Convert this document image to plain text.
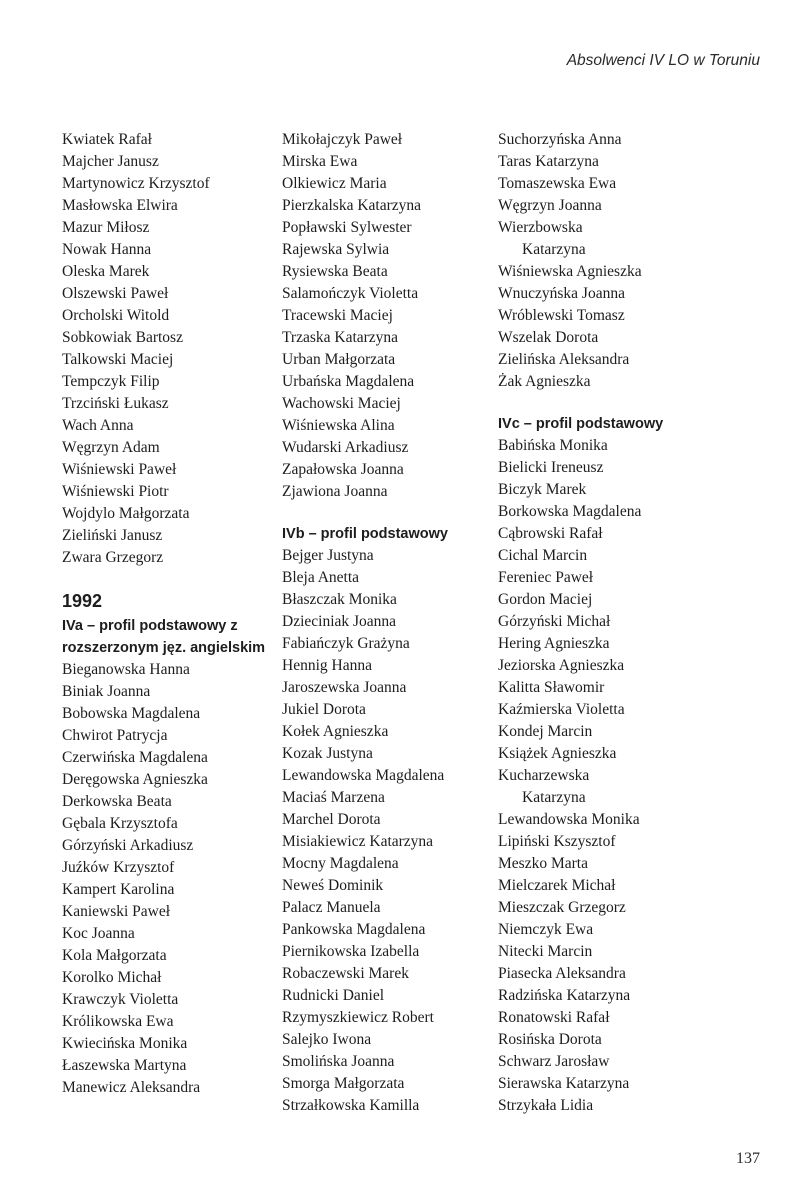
Absolwenci IV LO w Toruniu
Kwiatek Rafał
Majcher Janusz
Martynowicz Krzysztof
Masłowska Elwira
Mazur Miłosz
Nowak Hanna
Oleska Marek
Olszewski Paweł
Orcholski Witold
Sobkowiak Bartosz
Talkowski Maciej
Tempczyk Filip
Trzciński Łukasz
Wach Anna
Węgrzyn Adam
Wiśniewski Paweł
Wiśniewski Piotr
Wojdylo Małgorzata
Zieliński Janusz
Zwara Grzegorz
1992
IVa – profil podstawowy z rozszerzonym jęz. angielskim
Bieganowska Hanna
Biniak Joanna
Bobowska Magdalena
Chwirot Patrycja
Czerwińska Magdalena
Deręgowska Agnieszka
Derkowska Beata
Gębala Krzysztofa
Górzyński Arkadiusz
Juźków Krzysztof
Kampert Karolina
Kaniewski Paweł
Koc Joanna
Kola Małgorzata
Korolko Michał
Krawczyk Violetta
Królikowska Ewa
Kwiecińska Monika
Łaszewska Martyna
Manewicz Aleksandra
Mikołajczyk Paweł
Mirska Ewa
Olkiewicz Maria
Pierzkalska Katarzyna
Popławski Sylwester
Rajewska Sylwia
Rysiewska Beata
Salamończyk Violetta
Tracewski Maciej
Trzaska Katarzyna
Urban Małgorzata
Urbańska Magdalena
Wachowski Maciej
Wiśniewska Alina
Wudarski Arkadiusz
Zapałowska Joanna
Zjawiona Joanna
IVb – profil podstawowy
Bejger Justyna
Bleja Anetta
Błaszczak Monika
Dzieciniak Joanna
Fabiańczyk Grażyna
Hennig Hanna
Jaroszewska Joanna
Jukiel Dorota
Kołek Agnieszka
Kozak Justyna
Lewandowska Magdalena
Maciaś Marzena
Marchel Dorota
Misiakiewicz Katarzyna
Mocny Magdalena
Neweś Dominik
Palacz Manuela
Pankowska Magdalena
Piernikowska Izabella
Robaczewski Marek
Rudnicki Daniel
Rzymyszkiewicz Robert
Salejko Iwona
Smolińska Joanna
Smorga Małgorzata
Strzałkowska Kamilla
Suchorzyńska Anna
Taras Katarzyna
Tomaszewska Ewa
Węgrzyn Joanna
Wierzbowska
Katarzyna
Wiśniewska Agnieszka
Wnuczyńska Joanna
Wróblewski Tomasz
Wszelak Dorota
Zielińska Aleksandra
Żak Agnieszka
IVc – profil podstawowy
Babińska Monika
Bielicki Ireneusz
Biczyk Marek
Borkowska Magdalena
Cąbrowski Rafał
Cichal Marcin
Fereniec Paweł
Gordon Maciej
Górzyński Michał
Hering Agnieszka
Jeziorska Agnieszka
Kalitta Sławomir
Kaźmierska Violetta
Kondej Marcin
Książek Agnieszka
Kucharzewska
Katarzyna
Lewandowska Monika
Lipiński Kszysztof
Meszko Marta
Mielczarek Michał
Mieszczak Grzegorz
Niemczyk Ewa
Nitecki Marcin
Piasecka Aleksandra
Radzińska Katarzyna
Ronatowski Rafał
Rosińska Dorota
Schwarz Jarosław
Sierawska Katarzyna
Strzykała Lidia
137
